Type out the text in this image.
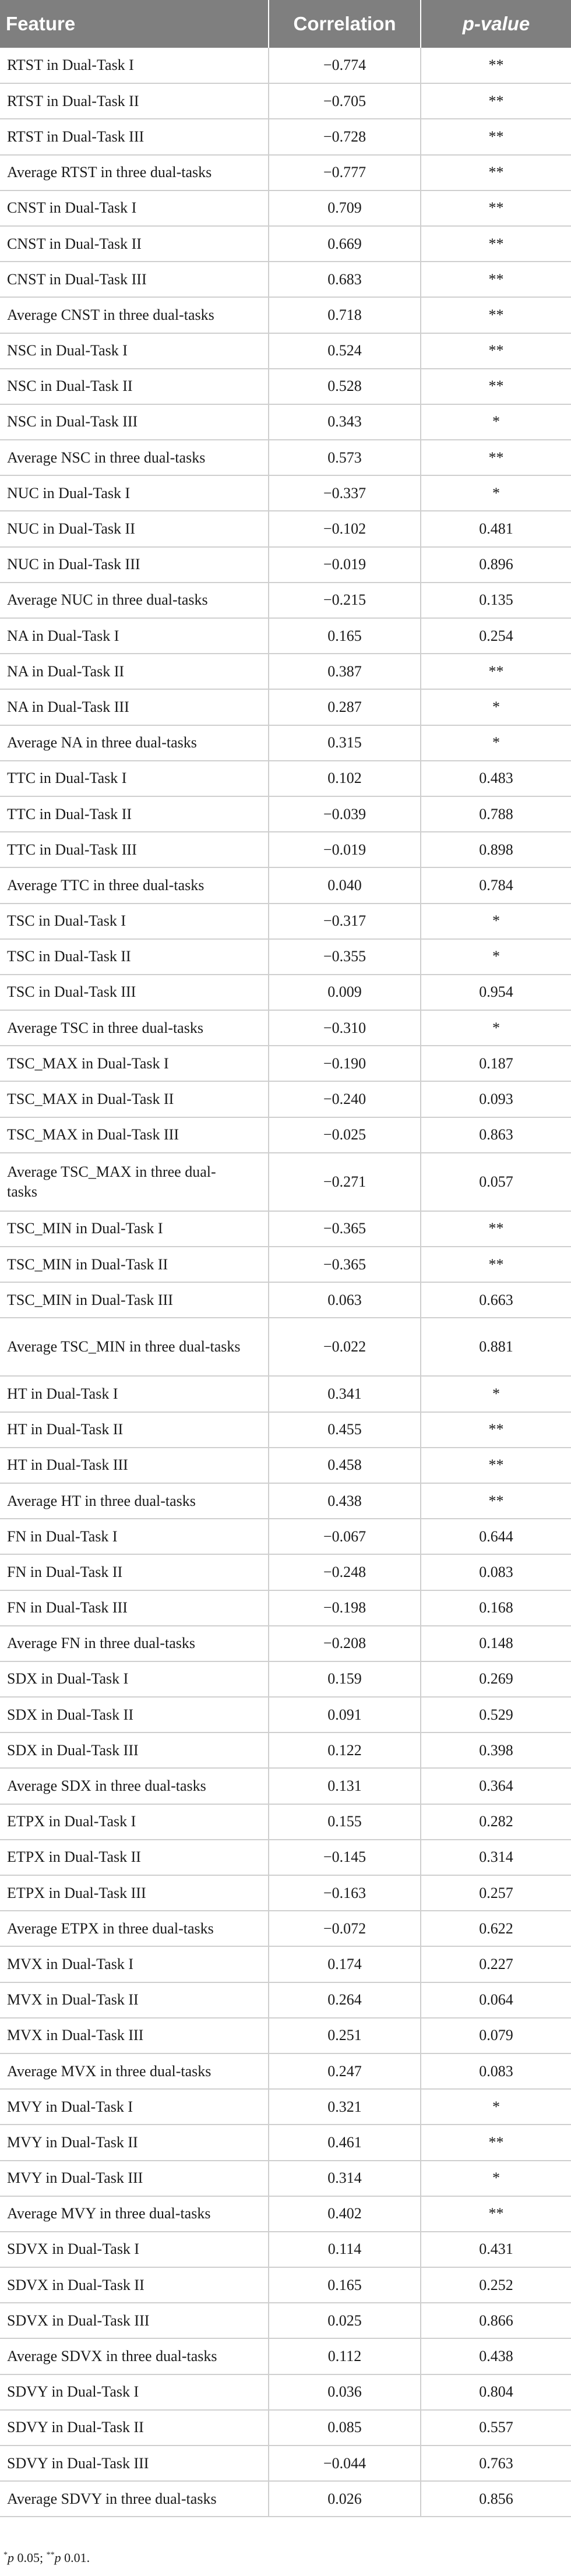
Feature	Correlation	p-value
RTST in Dual-Task I	−0.774	**
RTST in Dual-Task II	−0.705	**
RTST in Dual-Task III	−0.728	**
Average RTST in three dual-tasks	−0.777	**
CNST in Dual-Task I	0.709	**
CNST in Dual-Task II	0.669	**
CNST in Dual-Task III	0.683	**
Average CNST in three dual-tasks	0.718	**
NSC in Dual-Task I	0.524	**
NSC in Dual-Task II	0.528	**
NSC in Dual-Task III	0.343	*
Average NSC in three dual-tasks	0.573	**
NUC in Dual-Task I	−0.337	*
NUC in Dual-Task II	−0.102	0.481
NUC in Dual-Task III	−0.019	0.896
Average NUC in three dual-tasks	−0.215	0.135
NA in Dual-Task I	0.165	0.254
NA in Dual-Task II	0.387	**
NA in Dual-Task III	0.287	*
Average NA in three dual-tasks	0.315	*
TTC in Dual-Task I	0.102	0.483
TTC in Dual-Task II	−0.039	0.788
TTC in Dual-Task III	−0.019	0.898
Average TTC in three dual-tasks	0.040	0.784
TSC in Dual-Task I	−0.317	*
TSC in Dual-Task II	−0.355	*
TSC in Dual-Task III	0.009	0.954
Average TSC in three dual-tasks	−0.310	*
TSC_MAX in Dual-Task I	−0.190	0.187
TSC_MAX in Dual-Task II	−0.240	0.093
TSC_MAX in Dual-Task III	−0.025	0.863
Average TSC_MAX in three dual-tasks	−0.271	0.057
TSC_MIN in Dual-Task I	−0.365	**
TSC_MIN in Dual-Task II	−0.365	**
TSC_MIN in Dual-Task III	0.063	0.663
Average TSC_MIN in three dual-tasks	−0.022	0.881
HT in Dual-Task I	0.341	*
HT in Dual-Task II	0.455	**
HT in Dual-Task III	0.458	**
Average HT in three dual-tasks	0.438	**
FN in Dual-Task I	−0.067	0.644
FN in Dual-Task II	−0.248	0.083
FN in Dual-Task III	−0.198	0.168
Average FN in three dual-tasks	−0.208	0.148
SDX in Dual-Task I	0.159	0.269
SDX in Dual-Task II	0.091	0.529
SDX in Dual-Task III	0.122	0.398
Average SDX in three dual-tasks	0.131	0.364
ETPX in Dual-Task I	0.155	0.282
ETPX in Dual-Task II	−0.145	0.314
ETPX in Dual-Task III	−0.163	0.257
Average ETPX in three dual-tasks	−0.072	0.622
MVX in Dual-Task I	0.174	0.227
MVX in Dual-Task II	0.264	0.064
MVX in Dual-Task III	0.251	0.079
Average MVX in three dual-tasks	0.247	0.083
MVY in Dual-Task I	0.321	*
MVY in Dual-Task II	0.461	**
MVY in Dual-Task III	0.314	*
Average MVY in three dual-tasks	0.402	**
SDVX in Dual-Task I	0.114	0.431
SDVX in Dual-Task II	0.165	0.252
SDVX in Dual-Task III	0.025	0.866
Average SDVX in three dual-tasks	0.112	0.438
SDVY in Dual-Task I	0.036	0.804
SDVY in Dual-Task II	0.085	0.557
SDVY in Dual-Task III	−0.044	0.763
Average SDVY in three dual-tasks	0.026	0.856
*p 0.05; **p 0.01.
